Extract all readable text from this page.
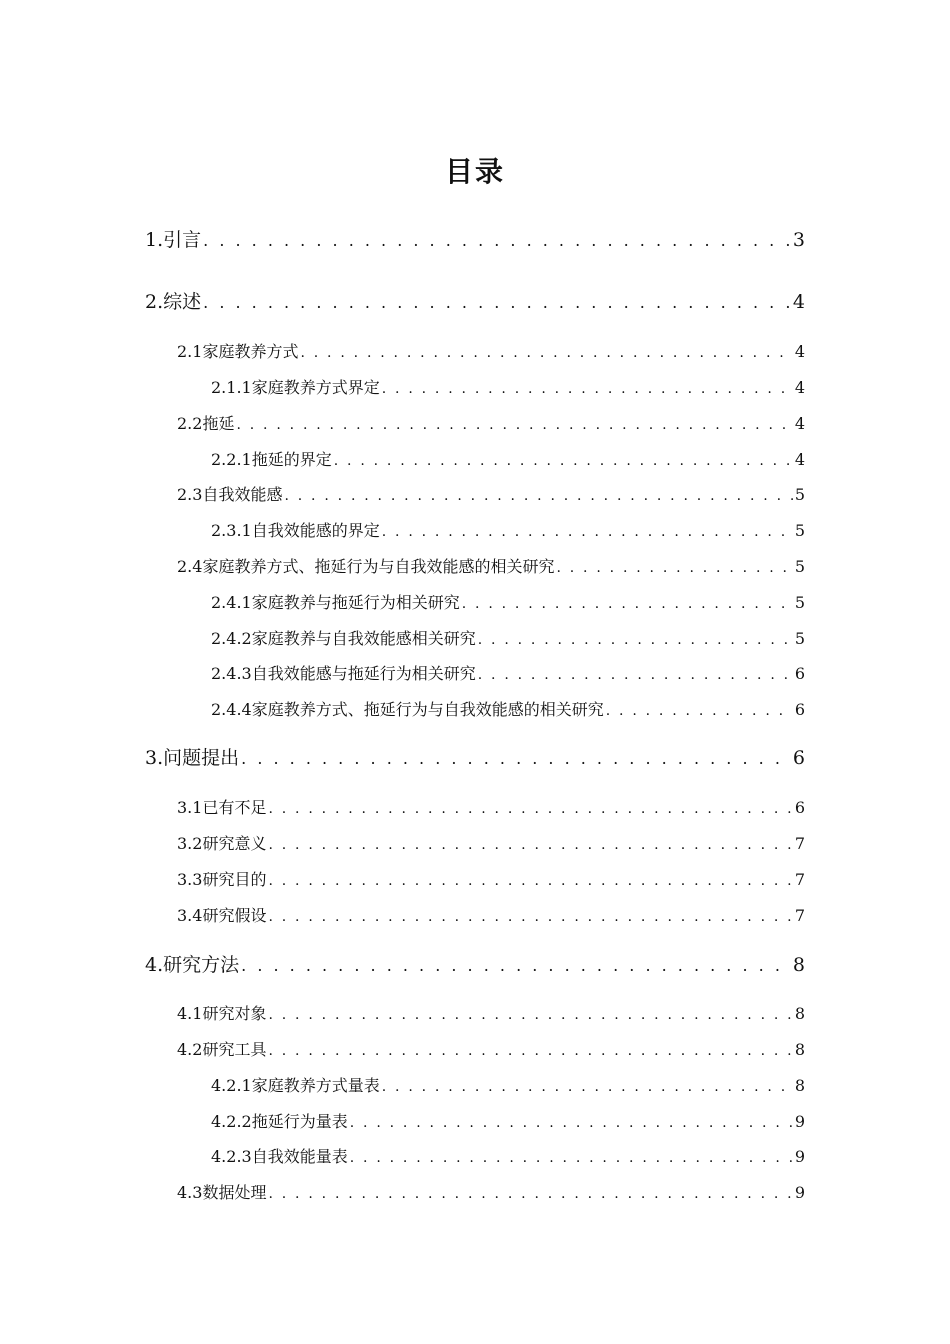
目录
1.引言 . . .	3
2.综述 . . .	4
2.1家庭教养方式 . . .	4
2.1.1家庭教养方式界定 . . .	4
2.2拖延 . . .	4
2.2.1拖延的界定 . . .	4
2.3自我效能感 . . .	5
2.3.1自我效能感的界定 . . .	5
2.4家庭教养方式、拖延行为与自我效能感的相关研究 . . .	5
2.4.1家庭教养与拖延行为相关研究 . . .	5
2.4.2家庭教养与自我效能感相关研究 . . .	5
2.4.3自我效能感与拖延行为相关研究 . . .	6
2.4.4家庭教养方式、拖延行为与自我效能感的相关研究 . . .	6
3.问题提出 . . .	6
3.1已有不足 . . .	6
3.2研究意义 . . .	7
3.3研究目的 . . .	7
3.4研究假设 . . .	7
4.研究方法 . . .	8
4.1研究对象 . . .	8
4.2研究工具 . . .	8
4.2.1家庭教养方式量表 . . .	8
4.2.2拖延行为量表 . . .	9
4.2.3自我效能量表 . . .	9
4.3数据处理 . . .	9
